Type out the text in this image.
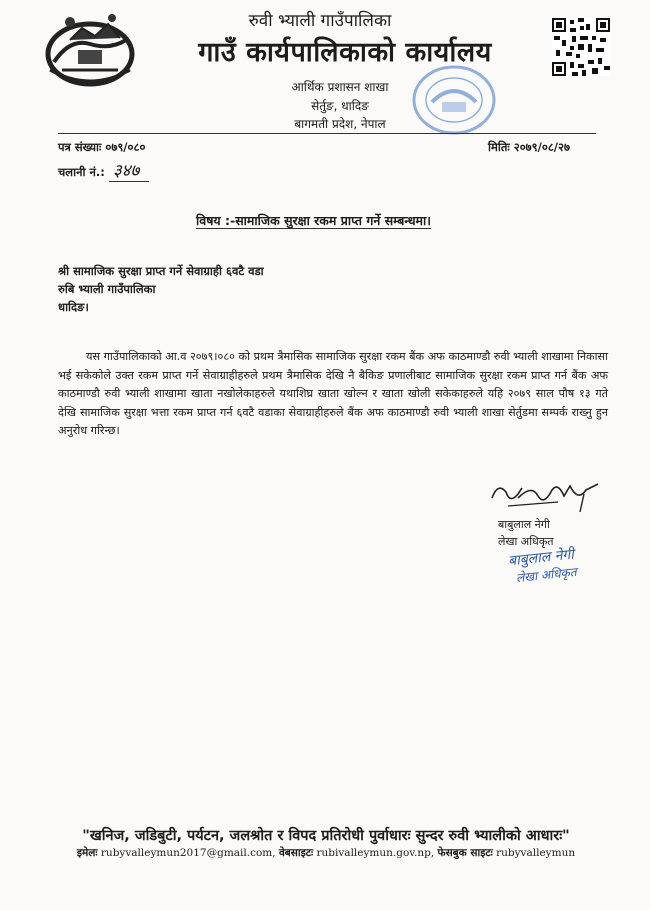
रुवी भ्याली गाउँपालिका
गाउँ कार्यपालिकाको कार्यालय
आर्थिक प्रशासन शाखा
सेर्तुङ, धादिङ
बागमती प्रदेश, नेपाल
पत्र संख्याः ०७९/०८०
चलानी नं.: ३४७
मितिः २०७९/०८/२७
विषय :-सामाजिक सुरक्षा रकम प्राप्त गर्ने सम्बन्धमा।
श्री सामाजिक सुरक्षा प्राप्त गर्ने सेवाग्राही ६वटै वडा
रुबि भ्याली गाउँपालिका
धादिङ।
यस गाउँपालिकाको आ.व २०७९।०८० को प्रथम त्रैमासिक सामाजिक सुरक्षा रकम बैंक अफ काठमाण्डौ रुवी भ्याली शाखामा निकासा भई सकेकोले उक्त रकम प्राप्त गर्ने सेवाग्राहीहरुले प्रथम त्रैमासिक देखि नै बैकिङ प्रणालीबाट सामाजिक सुरक्षा रकम प्राप्त गर्न बैंक अफ काठमाण्डौ रुवी भ्याली शाखामा खाता नखोलेकाहरुले यथाशिघ्र खाता खोल्न र खाता खोली सकेकाहरुले यहि २०७९ साल पौष १३ गते देखि सामाजिक सुरक्षा भत्ता रकम प्राप्त गर्न ६वटै वडाका सेवाग्राहीहरुले बैंक अफ काठमाण्डौ रुवी भ्याली शाखा सेर्तुडमा सम्पर्क राख्नु हुन अनुरोध गरिन्छ।
बाबुलाल नेगी
लेखा अधिकृत
बाबुलाल नेगी
लेखा अधिकृत
"खनिज, जडिबुटी, पर्यटन, जलश्रोत र विपद प्रतिरोधी पुर्वाधारः सुन्दर रुवी भ्यालीको आधारः"
इमेलः rubyvalleymun2017@gmail.com, वेबसाइटः rubivalleymun.gov.np, फेसबुक साइटः rubyvalleymun
